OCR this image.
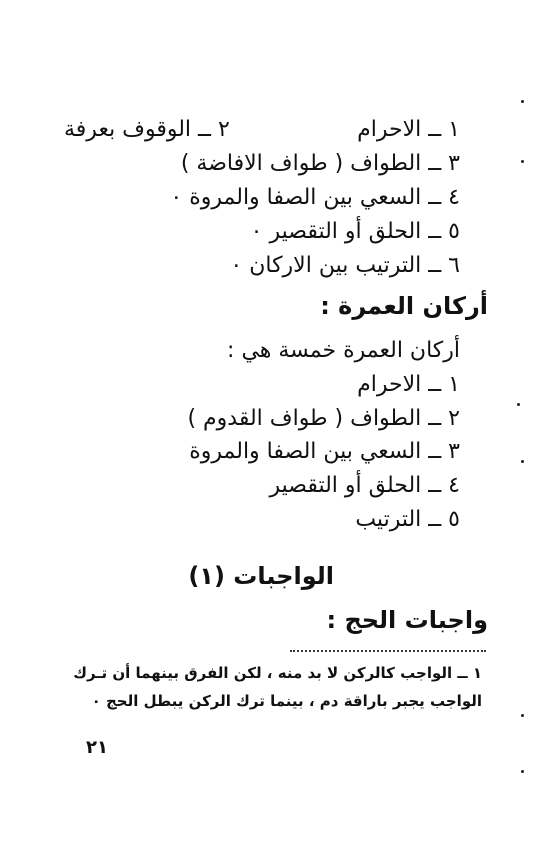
١ ــ الاحرام
٢ ــ الوقوف بعرفة
٣ ــ الطواف ( طواف الافاضة )
٤ ــ السعي بين الصفا والمروة ٠
٥ ــ الحلق أو التقصير ٠
٦ ــ الترتيب بين الاركان ٠
أركان العمرة :
أركان العمرة خمسة هي :
١ ــ الاحرام
٢ ــ الطواف ( طواف القدوم )
٣ ــ السعي بين الصفا والمروة
٤ ــ الحلق أو التقصير
٥ ــ الترتيب
الواجبات (١)
واجبات الحج :
١ ــ الواجب كالركن لا بد منه ، لكن الفرق بينهما أن تـرك
الواجب يجبر باراقة دم ، بينما ترك الركن يبطل الحج ٠
٢١
